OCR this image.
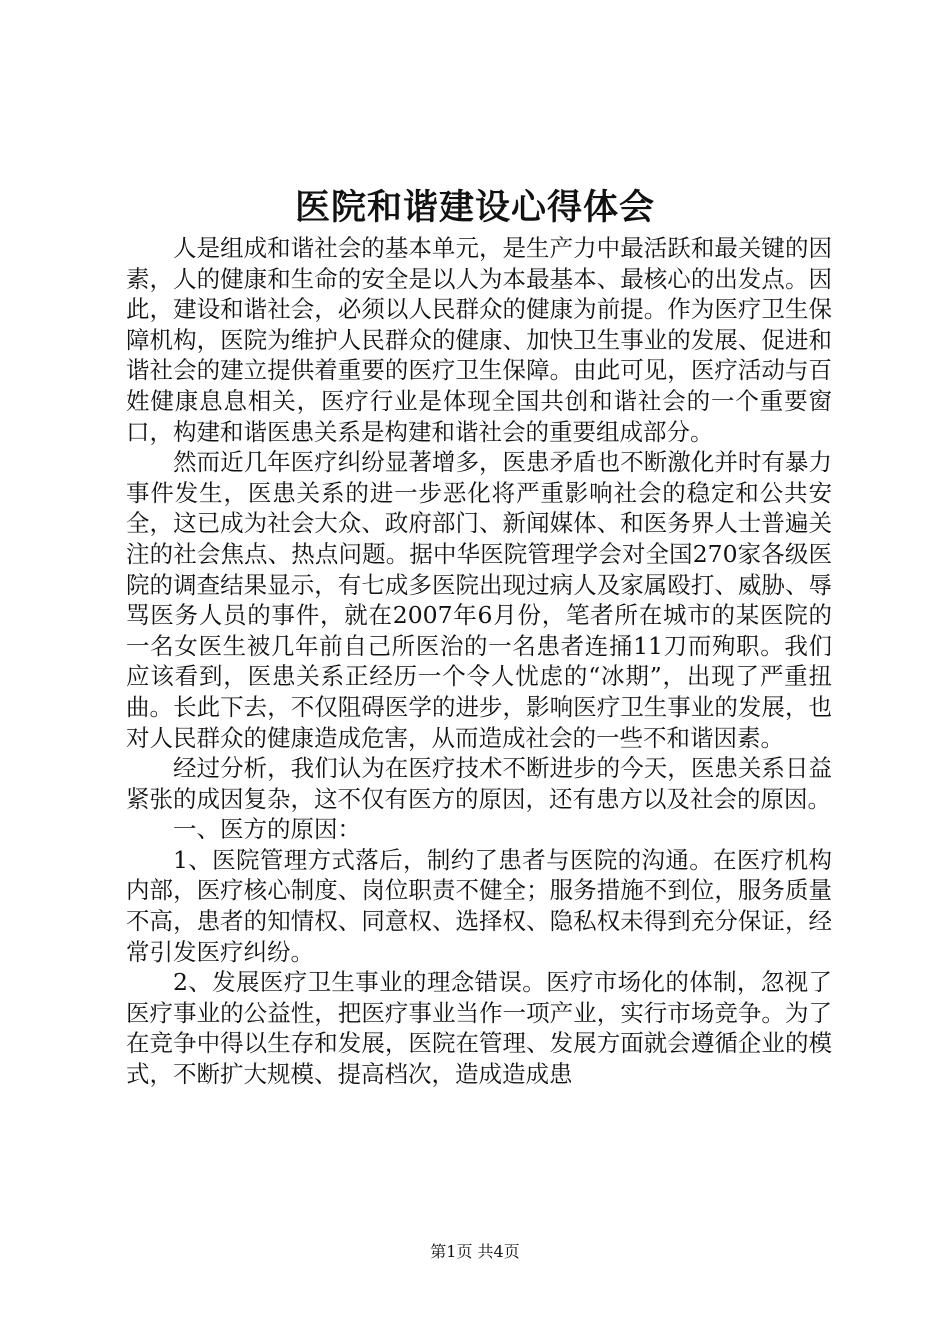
医院和谐建设心得体会

人是组成和谐社会的基本单元，是生产力中最活跃和最关键的因素，人的健康和生命的安全是以人为本最基本、最核心的出发点。因此，建设和谐社会，必须以人民群众的健康为前提。作为医疗卫生保障机构，医院为维护人民群众的健康、加快卫生事业的发展、促进和谐社会的建立提供着重要的医疗卫生保障。由此可见，医疗活动与百姓健康息息相关，医疗行业是体现全国共创和谐社会的一个重要窗口，构建和谐医患关系是构建和谐社会的重要组成部分。

然而近几年医疗纠纷显著增多，医患矛盾也不断激化并时有暴力事件发生，医患关系的进一步恶化将严重影响社会的稳定和公共安全，这已成为社会大众、政府部门、新闻媒体、和医务界人士普遍关注的社会焦点、热点问题。据中华医院管理学会对全国270家各级医院的调查结果显示，有七成多医院出现过病人及家属殴打、威胁、辱骂医务人员的事件，就在2007年6月份，笔者所在城市的某医院的一名女医生被几年前自己所医治的一名患者连捅11刀而殉职。我们应该看到，医患关系正经历一个令人忧虑的“冰期”，出现了严重扭曲。长此下去，不仅阻碍医学的进步，影响医疗卫生事业的发展，也对人民群众的健康造成危害，从而造成社会的一些不和谐因素。

经过分析，我们认为在医疗技术不断进步的今天，医患关系日益紧张的成因复杂，这不仅有医方的原因，还有患方以及社会的原因。

一、医方的原因：

1、医院管理方式落后，制约了患者与医院的沟通。在医疗机构内部，医疗核心制度、岗位职责不健全；服务措施不到位，服务质量不高，患者的知情权、同意权、选择权、隐私权未得到充分保证，经常引发医疗纠纷。

2、发展医疗卫生事业的理念错误。医疗市场化的体制，忽视了医疗事业的公益性，把医疗事业当作一项产业，实行市场竞争。为了在竞争中得以生存和发展，医院在管理、发展方面就会遵循企业的模式，不断扩大规模、提高档次，造成造成患

第1页 共4页
